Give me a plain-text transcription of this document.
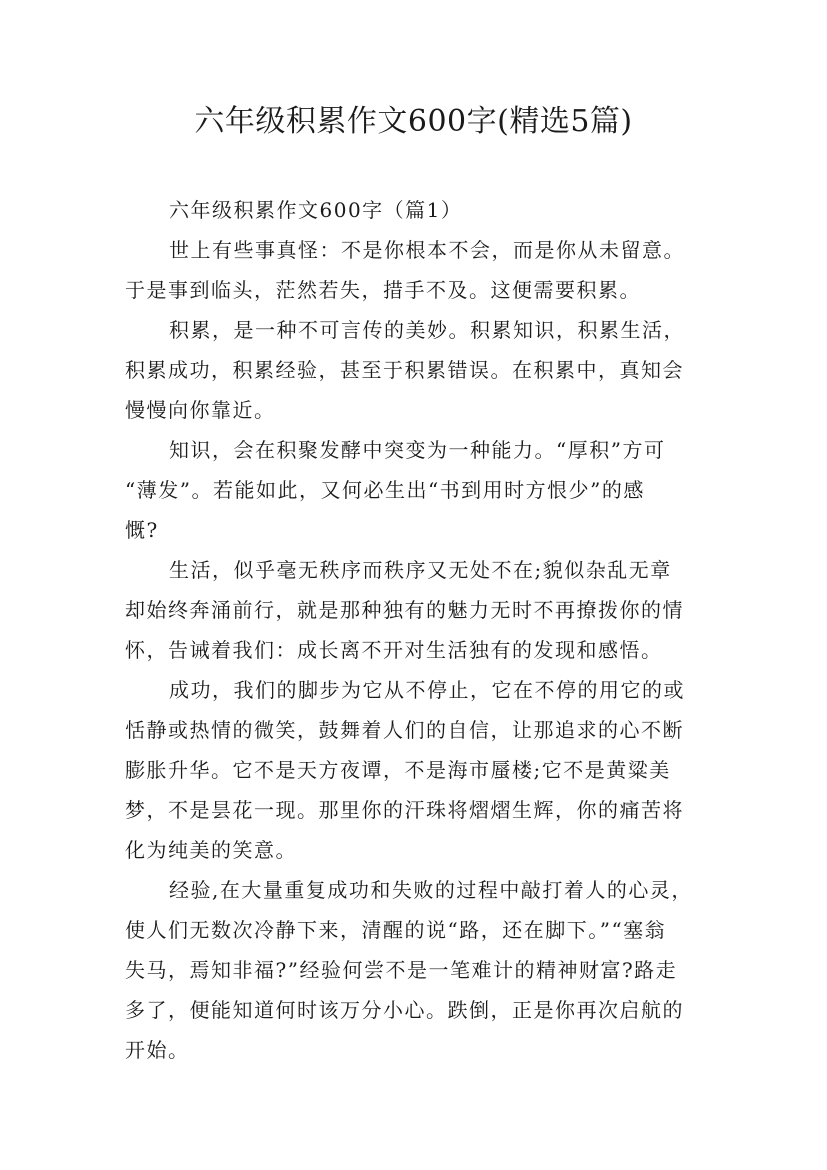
六年级积累作文600字(精选5篇)
六年级积累作文600字（篇1）
世上有些事真怪：不是你根本不会，而是你从未留意。
于是事到临头，茫然若失，措手不及。这便需要积累。
积累，是一种不可言传的美妙。积累知识，积累生活，
积累成功，积累经验，甚至于积累错误。在积累中，真知会
慢慢向你靠近。
知识，会在积聚发酵中突变为一种能力。“厚积”方可
“薄发”。若能如此，又何必生出“书到用时方恨少”的感
慨?
生活，似乎毫无秩序而秩序又无处不在;貌似杂乱无章
却始终奔涌前行，就是那种独有的魅力无时不再撩拨你的情
怀，告诫着我们：成长离不开对生活独有的发现和感悟。
成功，我们的脚步为它从不停止，它在不停的用它的或
恬静或热情的微笑，鼓舞着人们的自信，让那追求的心不断
膨胀升华。它不是天方夜谭，不是海市蜃楼;它不是黄粱美
梦，不是昙花一现。那里你的汗珠将熠熠生辉，你的痛苦将
化为纯美的笑意。
经验,在大量重复成功和失败的过程中敲打着人的心灵，
使人们无数次冷静下来，清醒的说“路，还在脚下。”“塞翁
失马，焉知非福?”经验何尝不是一笔难计的精神财富?路走
多了，便能知道何时该万分小心。跌倒，正是你再次启航的
开始。
